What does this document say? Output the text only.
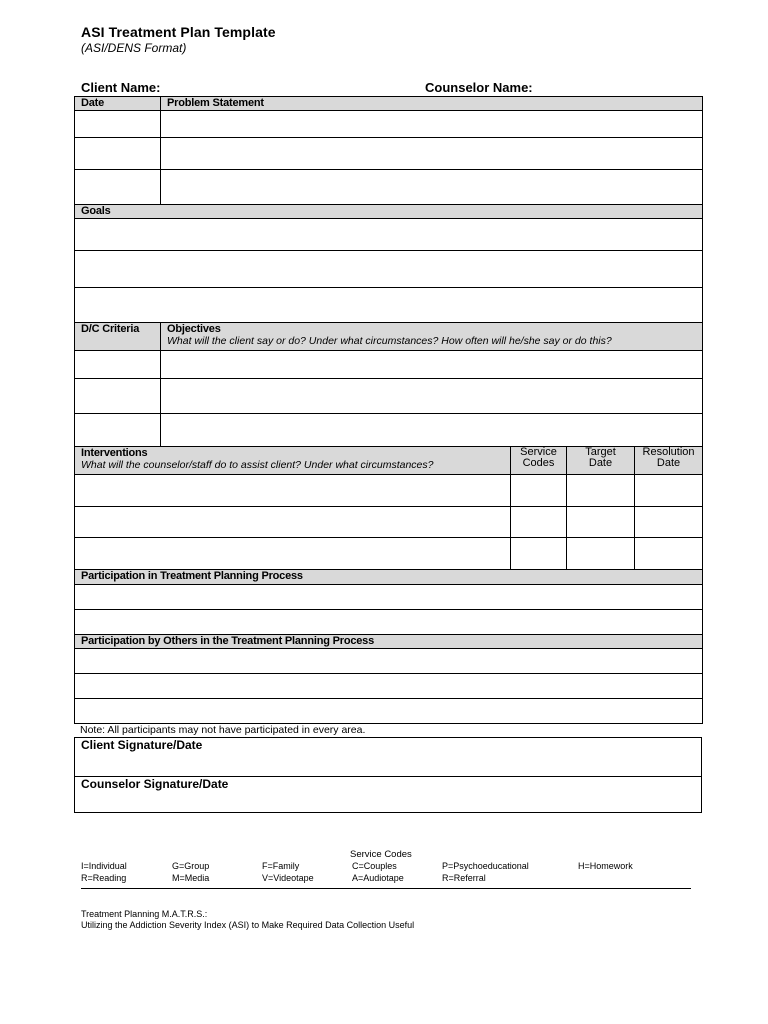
ASI Treatment Plan Template
(ASI/DENS Format)
Client Name:	Counselor Name:
Date	Problem Statement			

Goals				

D/C Criteria	Objectives
What will the client say or do? Under what circumstances? How often will he/she say or do this?			

Interventions
What will the counselor/staff do to assist client? Under what circumstances?		Service Codes	Target Date	Resolution Date

Participation in Treatment Planning Process				

Participation by Others in the Treatment Planning Process				

Note: All participants may not have participated in every area.
Client Signature/Date
Counselor Signature/Date
Service Codes
I=Individual	G=Group	F=Family	C=Couples	P=Psychoeducational	H=Homework
R=Reading	M=Media	V=Videotape	A=Audiotape	R=Referral
Treatment Planning M.A.T.R.S.:
Utilizing the Addiction Severity Index (ASI) to Make Required Data Collection Useful
